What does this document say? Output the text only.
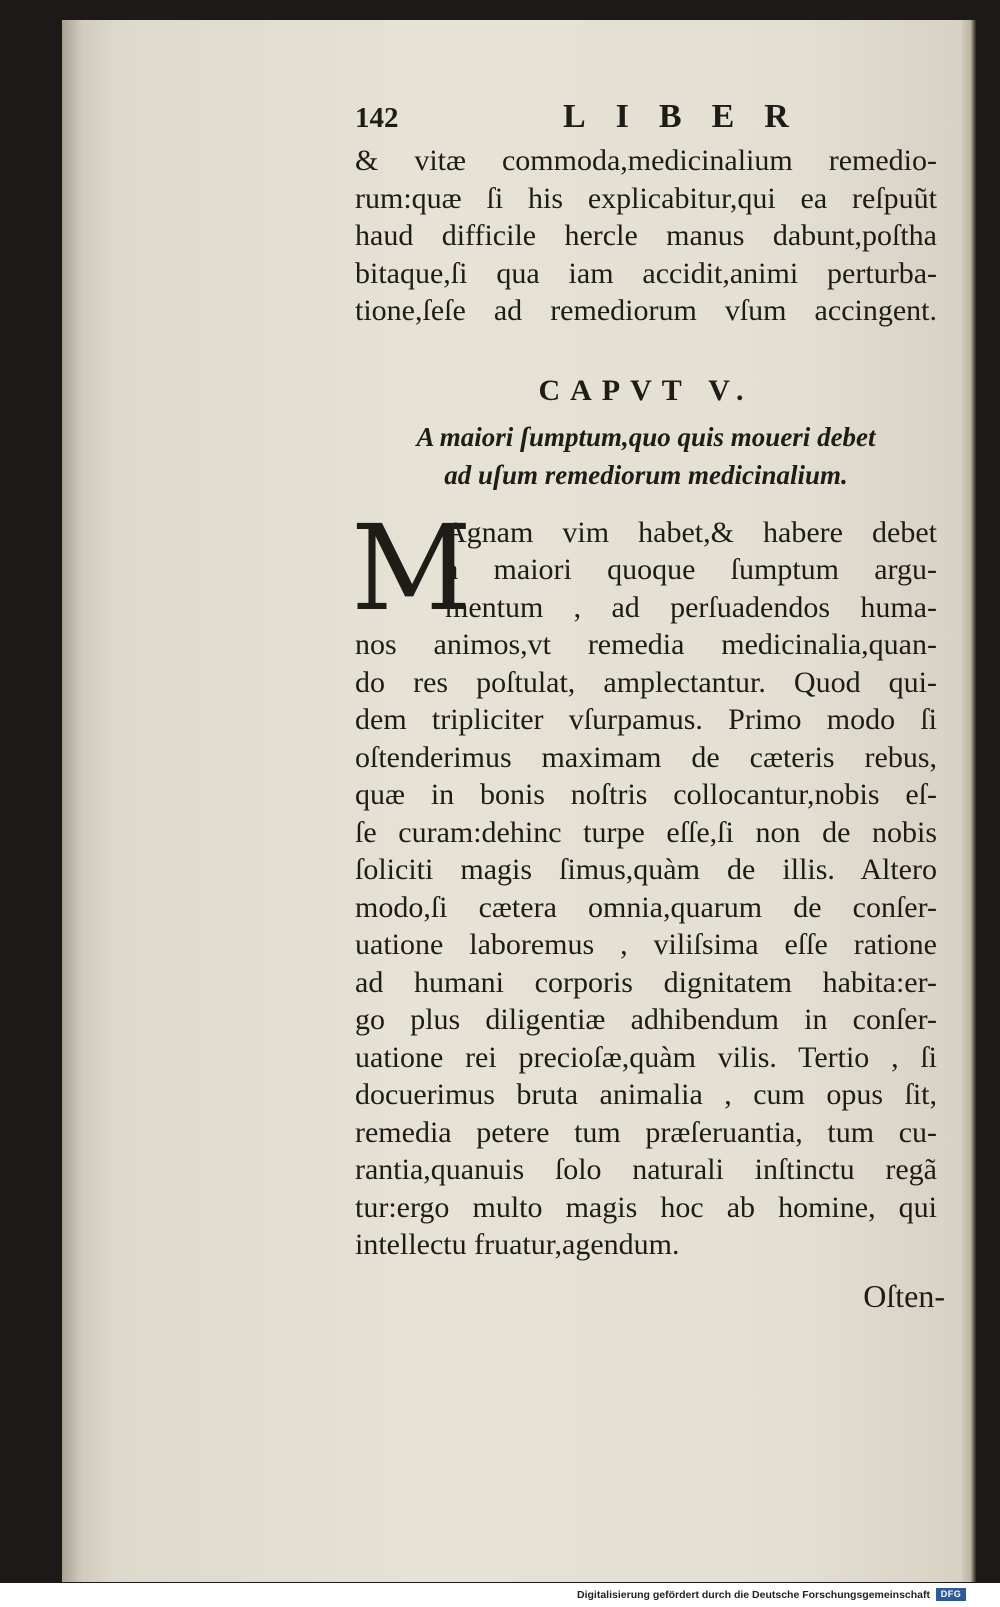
142	LIBER
& vitæ commoda,medicinalium remedio-
rum:quæ ſi his explicabitur,qui ea reſpuũt
haud difficile hercle manus dabunt,poſtha
bitaque,ſi qua iam accidit,animi perturba-
tione,ſeſe ad remediorum vſum accingent.
CAPVT V.
A maiori ſumptum,quo quis moueri debet
ad uſum remediorum medicinalium.
M
Agnam vim habet,& habere debet
à maiori quoque ſumptum argu-
mentum , ad perſuadendos huma-
nos animos,vt remedia medicinalia,quan-
do res poſtulat, amplectantur. Quod qui-
dem tripliciter vſurpamus. Primo modo ſi
oſtenderimus maximam de cæteris rebus,
quæ in bonis noſtris collocantur,nobis eſ-
ſe curam:dehinc turpe eſſe,ſi non de nobis
ſoliciti magis ſimus,quàm de illis. Altero
modo,ſi cætera omnia,quarum de conſer-
uatione laboremus , viliſsima eſſe ratione
ad humani corporis dignitatem habita:er-
go plus diligentiæ adhibendum in conſer-
uatione rei precioſæ,quàm vilis. Tertio , ſi
docuerimus bruta animalia , cum opus ſit,
remedia petere tum præſeruantia, tum cu-
rantia,quanuis ſolo naturali inſtinctu regã
tur:ergo multo magis hoc ab homine, qui
intellectu fruatur,agendum.
Oſten-
Digitalisierung gefördert durch die Deutsche Forschungsgemeinschaft	DFG
